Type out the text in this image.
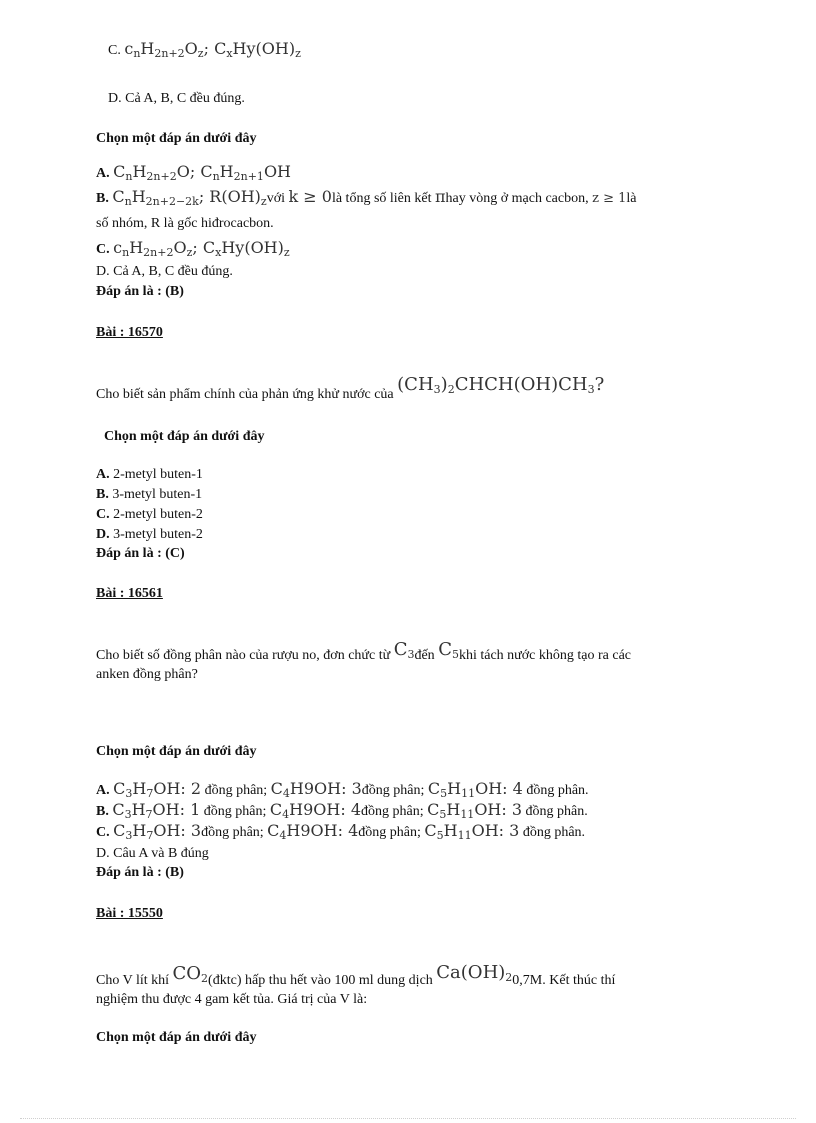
C. $c_nH_{2n+2}O_z$; $C_xHy(OH)_z$
D. Cả A, B, C đều đúng.
Chọn một đáp án dưới đây
A. $C_nH_{2n+2}O$; $C_nH_{2n+1}OH$
B. $C_nH_{2n+2-2k}$; $R(OH)_zvới$ k ≥ 0là tổng số liên kết πhay vòng ở mạch cacbon, z ≥ 1là
số nhóm, R là gốc hiđrocacbon.
C. $c_nH_{2n+2}O_z$; $C_xHy(OH)_z$
D. Cả A, B, C đều đúng.
Đáp án là : (B)
Bài : 16570
Cho biết sản phẩm chính của phản ứng khử nước của $(CH_3)_2CHCH(OH)CH_3$?
Chọn một đáp án dưới đây
A. 2-metyl buten-1
B. 3-metyl buten-1
C. 2-metyl buten-2
D. 3-metyl buten-2
Đáp án là : (C)
Bài : 16561
Cho biết số đồng phân nào của rượu no, đơn chức từ $C_3đến$ $C_5khi$ tách nước không tạo ra các
anken đồng phân?
Chọn một đáp án dưới đây
A. $C_3H_7OH$: 2 đồng phân; $C_4H9OH$: 3đồng phân; $C_5H_{11}OH$: 4 đồng phân.
B. $C_3H_7OH$: 1 đồng phân; $C_4H9OH$: 4đồng phân; $C_5H_{11}OH$: 3 đồng phân.
C. $C_3H_7OH$: 3đồng phân; $C_4H9OH$: 4đồng phân; $C_5H_{11}OH$: 3 đồng phân.
D. Câu A và B đúng
Đáp án là : (B)
Bài : 15550
Cho V lít khí $CO_2(đktc)$ hấp thu hết vào 100 ml dung dịch $Ca(OH)_20,7M$. Kết thúc thí
nghiệm thu được 4 gam kết tủa. Giá trị của V là:
Chọn một đáp án dưới đây
